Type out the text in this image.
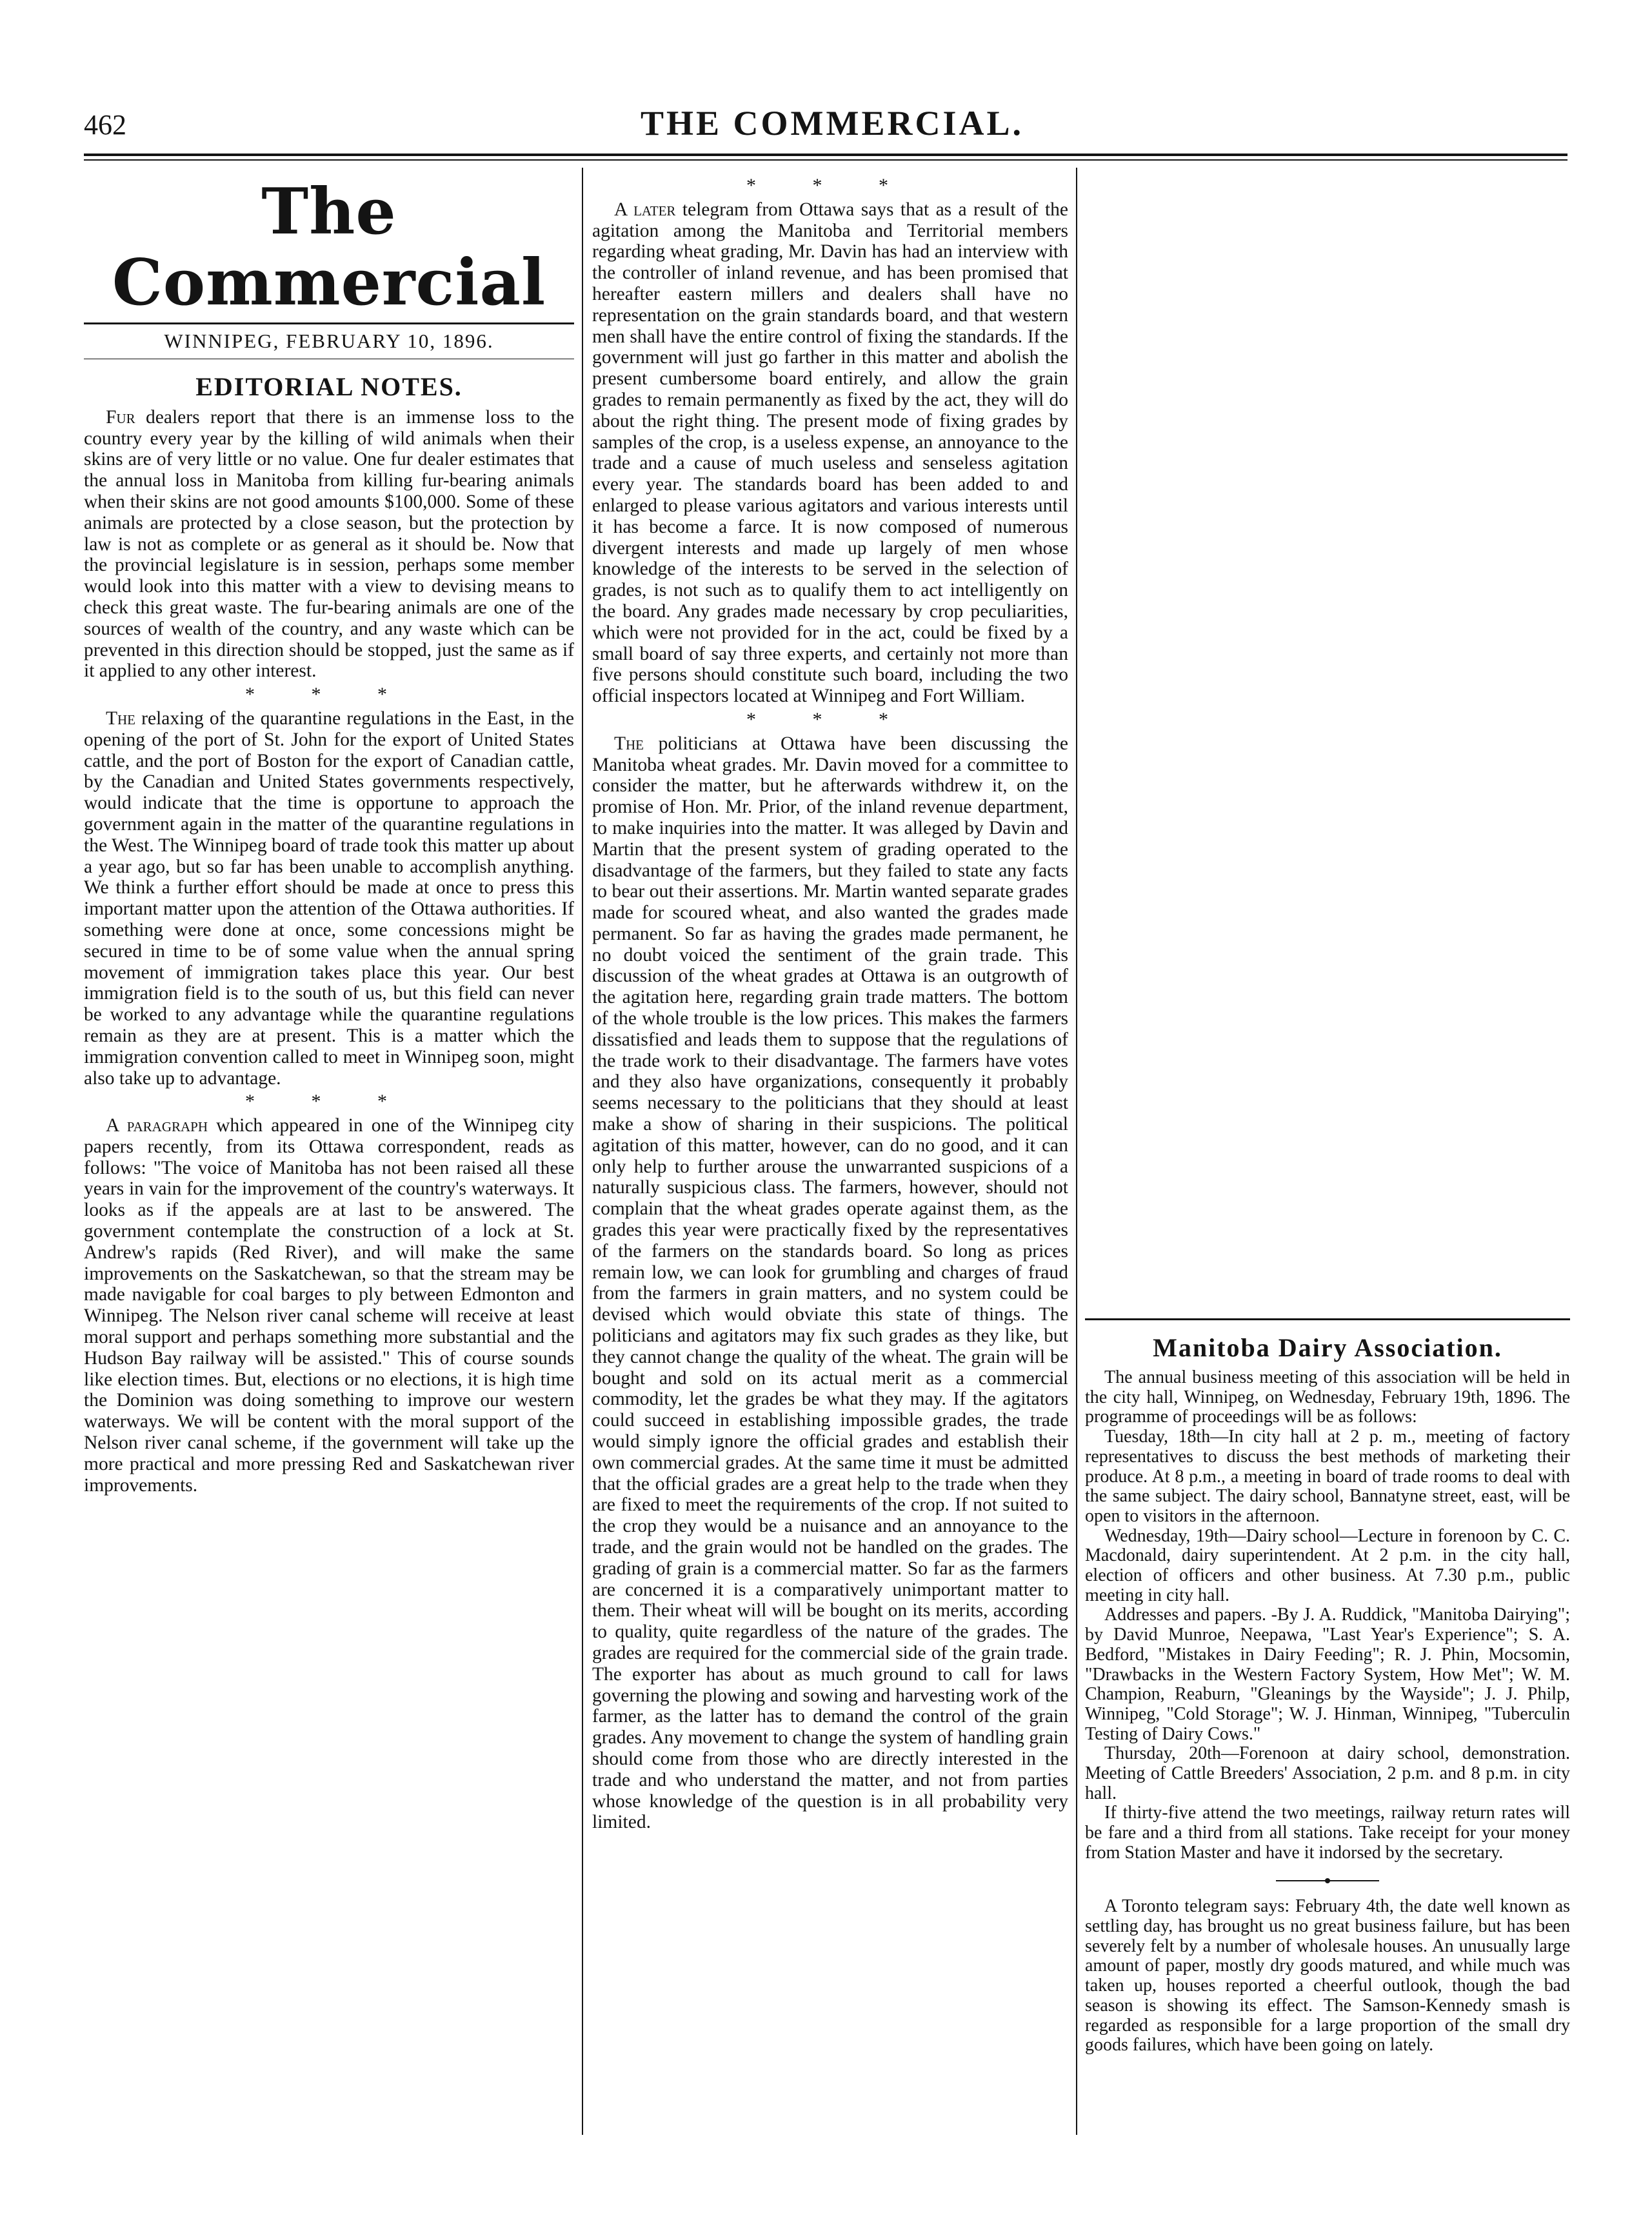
462	THE COMMERCIAL.
The Commercial
WINNIPEG, FEBRUARY 10, 1896.
EDITORIAL NOTES.

Fur dealers report that there is an immense loss to the country every year by the killing of wild animals when their skins are of very little or no value. One fur dealer estimates that the annual loss in Manitoba from killing fur-bearing animals when their skins are not good amounts $100,000. Some of these animals are protected by a close season, but the protection by law is not as complete or as general as it should be. Now that the provincial legislature is in session, perhaps some member would look into this matter with a view to devising means to check this great waste. The fur-bearing animals are one of the sources of wealth of the country, and any waste which can be prevented in this direction should be stopped, just the same as if it applied to any other interest.

* * *

The relaxing of the quarantine regulations in the East, in the opening of the port of St. John for the export of United States cattle, and the port of Boston for the export of Canadian cattle, by the Canadian and United States governments respectively, would indicate that the time is opportune to approach the government again in the matter of the quarantine regulations in the West. The Winnipeg board of trade took this matter up about a year ago, but so far has been unable to accomplish anything. We think a further effort should be made at once to press this important matter upon the attention of the Ottawa authorities. If something were done at once, some concessions might be secured in time to be of some value when the annual spring movement of immigration takes place this year. Our best immigration field is to the south of us, but this field can never be worked to any advantage while the quarantine regulations remain as they are at present. This is a matter which the immigration convention called to meet in Winnipeg soon, might also take up to advantage.

* * *

A paragraph which appeared in one of the Winnipeg city papers recently, from its Ottawa correspondent, reads as follows: "The voice of Manitoba has not been raised all these years in vain for the improvement of the country's waterways. It looks as if the appeals are at last to be answered. The government contemplate the construction of a lock at St. Andrew's rapids (Red River), and will make the same improvements on the Saskatchewan, so that the stream may be made navigable for coal barges to ply between Edmonton and Winnipeg. The Nelson river canal scheme will receive at least moral support and perhaps something more substantial and the Hudson Bay railway will be assisted." This of course sounds like election times. But, elections or no elections, it is high time the Dominion was doing something to improve our western waterways. We will be content with the moral support of the Nelson river canal scheme, if the government will take up the more practical and more pressing Red and Saskatchewan river improvements.

* * *

A later telegram from Ottawa says that as a result of the agitation among the Manitoba and Territorial members regarding wheat grading, Mr. Davin has had an interview with the controller of inland revenue, and has been promised that hereafter eastern millers and dealers shall have no representation on the grain standards board, and that western men shall have the entire control of fixing the standards. If the government will just go farther in this matter and abolish the present cumbersome board entirely, and allow the grain grades to remain permanently as fixed by the act, they will do about the right thing. The present mode of fixing grades by samples of the crop, is a useless expense, an annoyance to the trade and a cause of much useless and senseless agitation every year. The standards board has been added to and enlarged to please various agitators and various interests until it has become a farce. It is now composed of numerous divergent interests and made up largely of men whose knowledge of the interests to be served in the selection of grades, is not such as to qualify them to act intelligently on the board. Any grades made necessary by crop peculiarities, which were not provided for in the act, could be fixed by a small board of say three experts, and certainly not more than five persons should constitute such board, including the two official inspectors located at Winnipeg and Fort William.

* * *

The politicians at Ottawa have been discussing the Manitoba wheat grades. Mr. Davin moved for a committee to consider the matter, but he afterwards withdrew it, on the promise of Hon. Mr. Prior, of the inland revenue department, to make inquiries into the matter. It was alleged by Davin and Martin that the present system of grading operated to the disadvantage of the farmers, but they failed to state any facts to bear out their assertions. Mr. Martin wanted separate grades made for scoured wheat, and also wanted the grades made permanent. So far as having the grades made permanent, he no doubt voiced the sentiment of the grain trade. This discussion of the wheat grades at Ottawa is an outgrowth of the agitation here, regarding grain trade matters. The bottom of the whole trouble is the low prices. This makes the farmers dissatisfied and leads them to suppose that the regulations of the trade work to their disadvantage. The farmers have votes and they also have organizations, consequently it probably seems necessary to the politicians that they should at least make a show of sharing in their suspicions. The political agitation of this matter, however, can do no good, and it can only help to further arouse the unwarranted suspicions of a naturally suspicious class. The farmers, however, should not complain that the wheat grades operate against them, as the grades this year were practically fixed by the representatives of the farmers on the standards board. So long as prices remain low, we can look for grumbling and charges of fraud from the farmers in grain matters, and no system could be devised which would obviate this state of things. The politicians and agitators may fix such grades as they like, but they cannot change the quality of the wheat. The grain will be bought and sold on its actual merit as a commercial commodity, let the grades be what they may. If the agitators could succeed in establishing impossible grades, the trade would simply ignore the official grades and establish their own commercial grades. At the same time it must be admitted that the official grades are a great help to the trade when they are fixed to meet the requirements of the crop. If not suited to the crop they would be a nuisance and an annoyance to the trade, and the grain would not be handled on the grades. The grading of grain is a commercial matter. So far as the farmers are concerned it is a comparatively unimportant matter to them. Their wheat will will be bought on its merits, according to quality, quite regardless of the nature of the grades. The grades are required for the commercial side of the grain trade. The exporter has about as much ground to call for laws governing the plowing and sowing and harvesting work of the farmer, as the latter has to demand the control of the grain grades. Any movement to change the system of handling grain should come from those who are directly interested in the trade and who understand the matter, and not from parties whose knowledge of the question is in all probability very limited.

Manitoba Dairy Association.

The annual business meeting of this association will be held in the city hall, Winnipeg, on Wednesday, February 19th, 1896. The programme of proceedings will be as follows:

Tuesday, 18th—In city hall at 2 p. m., meeting of factory representatives to discuss the best methods of marketing their produce. At 8 p.m., a meeting in board of trade rooms to deal with the same subject. The dairy school, Bannatyne street, east, will be open to visitors in the afternoon.

Wednesday, 19th—Dairy school—Lecture in forenoon by C. C. Macdonald, dairy superintendent. At 2 p.m. in the city hall, election of officers and other business. At 7.30 p.m., public meeting in city hall.

Addresses and papers. -By J. A. Ruddick, "Manitoba Dairying"; by David Munroe, Neepawa, "Last Year's Experience"; S. A. Bedford, "Mistakes in Dairy Feeding"; R. J. Phin, Mocsomin, "Drawbacks in the Western Factory System, How Met"; W. M. Champion, Reaburn, "Gleanings by the Wayside"; J. J. Philp, Winnipeg, "Cold Storage"; W. J. Hinman, Winnipeg, "Tuberculin Testing of Dairy Cows."

Thursday, 20th—Forenoon at dairy school, demonstration. Meeting of Cattle Breeders' Association, 2 p.m. and 8 p.m. in city hall.

If thirty-five attend the two meetings, railway return rates will be fare and a third from all stations. Take receipt for your money from Station Master and have it indorsed by the secretary.

A Toronto telegram says: February 4th, the date well known as settling day, has brought us no great business failure, but has been severely felt by a number of wholesale houses. An unusually large amount of paper, mostly dry goods matured, and while much was taken up, houses reported a cheerful outlook, though the bad season is showing its effect. The Samson-Kennedy smash is regarded as responsible for a large proportion of the small dry goods failures, which have been going on lately.
